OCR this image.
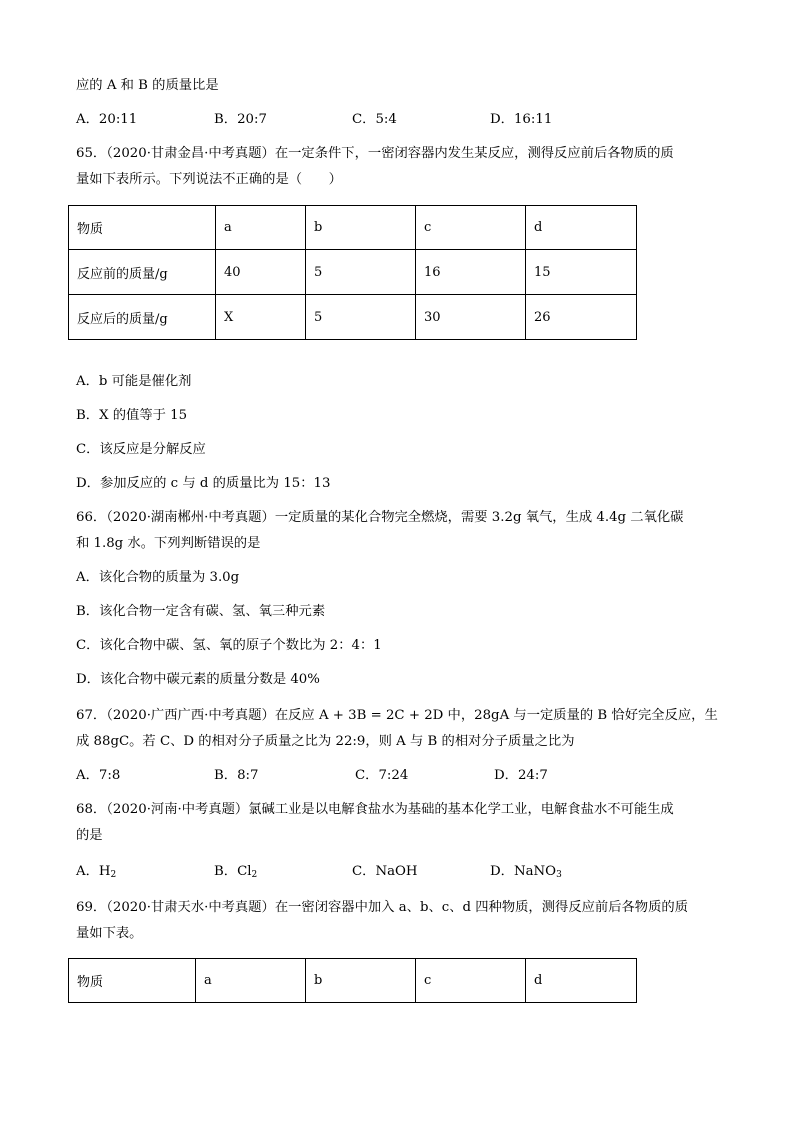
应的 A 和 B 的质量比是
A．20:11	B．20:7	C．5:4	D．16:11
65．（2020·甘肃金昌·中考真题）在一定条件下，一密闭容器内发生某反应，测得反应前后各物质的质
量如下表所示。下列说法不正确的是（　　）
物质	a	b	c	d
反应前的质量/g	40	5	16	15
反应后的质量/g	X	5	30	26
A．b 可能是催化剂
B．X 的值等于 15
C．该反应是分解反应
D．参加反应的 c 与 d 的质量比为 15：13
66．（2020·湖南郴州·中考真题）一定质量的某化合物完全燃烧，需要 3.2g 氧气，生成 4.4g 二氧化碳
和 1.8g 水。下列判断错误的是
A．该化合物的质量为 3.0g
B．该化合物一定含有碳、氢、氧三种元素
C．该化合物中碳、氢、氧的原子个数比为 2：4：1
D．该化合物中碳元素的质量分数是 40%
67．（2020·广西广西·中考真题）在反应 A + 3B = 2C + 2D 中，28gA 与一定质量的 B 恰好完全反应，生
成 88gC。若 C、D 的相对分子质量之比为 22:9，则 A 与 B 的相对分子质量之比为
A．7:8	B．8:7	C．7:24	D．24:7
68．（2020·河南·中考真题）氯碱工业是以电解食盐水为基础的基本化学工业，电解食盐水不可能生成
的是
A．$H_2$	B．$Cl_2$	C．NaOH	D．NaNO$_3$
69．（2020·甘肃天水·中考真题）在一密闭容器中加入 a、b、c、d 四种物质，测得反应前后各物质的质
量如下表。
物质	a	b	c	d
